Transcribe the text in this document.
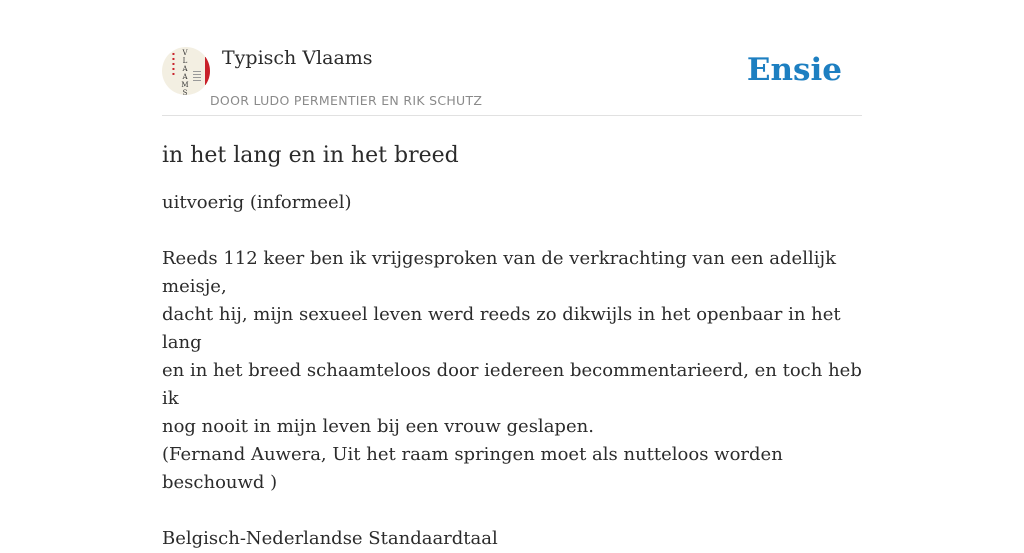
▪
▪
▪
▪
▪
V
L
A
A
M
S
Typisch Vlaams
DOOR LUDO PERMENTIER EN RIK SCHUTZ
Ensie
in het lang en in het breed

uitvoerig (informeel)

Reeds 112 keer ben ik vrijgesproken van de verkrachting van een adellijk meisje,
dacht hij, mijn sexueel leven werd reeds zo dikwijls in het openbaar in het lang
en in het breed schaamteloos door iedereen becommentarieerd, en toch heb ik
nog nooit in mijn leven bij een vrouw geslapen.
(Fernand Auwera, Uit het raam springen moet als nutteloos worden beschouwd )

Belgisch-Nederlandse Standaardtaal
